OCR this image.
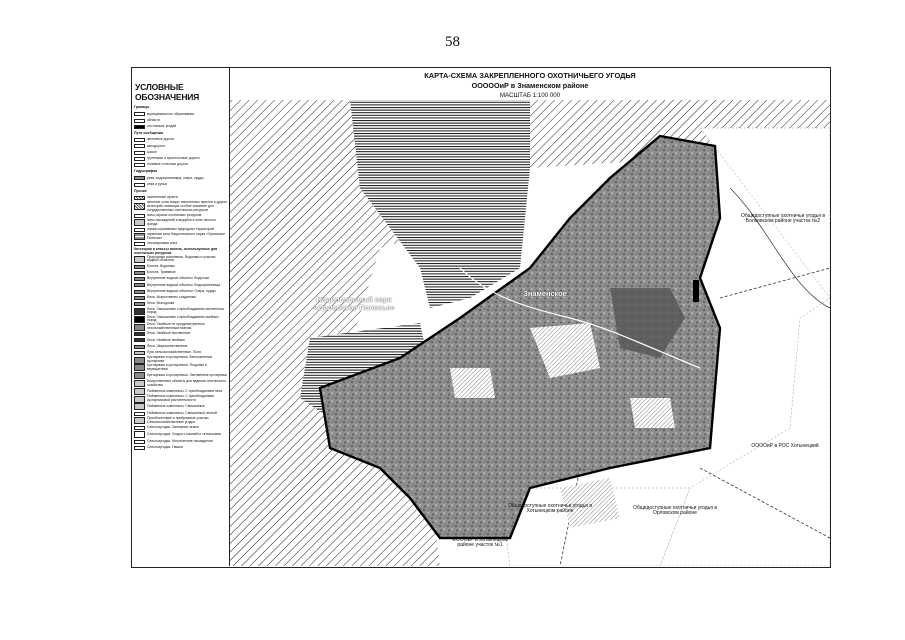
58
УСЛОВНЫЕ ОБОЗНАЧЕНИЯ
Границы
муниципального образования
области
охотничьих угодий
Пути сообщения
железные дороги
автодороги
шоссе
грунтовые и проселочные дороги
полевые и лесные дороги
Гидрография
реки, водохранилища, озера, пруды
реки и ручьи
Прочие
населенные пункты
зеленые зоны вокруг населенных пунктов и других категорий, имеющих особое значение для государственных охотничьих ресурсов
зоны охраны охотничьих ресурсов
зоны насаждений и вырубки в зоне лесного фонда
линия охраняемых природных территорий
охранная зона Национального парка «Орловское Полесье»
лесопарковая зона
Категории и классы земель, используемые для охотничьих ресурсов
Природные комплексы. Водоемы и участки водных объектов
Болота. Водоемы
Болота. Травяные
Внутренние водные объекты. Водотоки
Внутренние водные объекты. Водохранилища
Внутренние водные объекты. Озера, пруды
Леса. Искусственно созданные
Леса. Молодняки
Леса. Смешанные с преобладанием лиственных пород
Леса. Смешанные с преобладанием хвойных пород
Леса. Хвойные не предусмотренные лесохозяйственным планом
Леса. Хвойные лиственные
Леса. Хвойные хвойные
Леса. Широколиственные
Луга сельскохозяйственные. Поля
Кустарники и кустарнички. Вечнозеленые кустарники
Кустарники и кустарнички. Ягодники и верещатники
Кустарники и кустарнички. Лиственные кустарники
Искусственные объекты для ведения охотничьего хозяйства
Пойменные комплексы. С преобладанием леса
Пойменные комплексы. С преобладанием кустарниковой растительности
Пойменные комплексы. Смешанные
Пойменные комплексы. Смешанный лесной
Приобъектовые и прибрежные участки. Сельскохозяйственные угодья
Сельхозугодья. Залежные земли
Сельхозугодья. Угодья с пашней и сенокосами
Сельхозугодья. Многолетние насаждения
Сельхозугодья. Пашня
КАРТА-СХЕМА ЗАКРЕПЛЕННОГО ОХОТНИЧЬЕГО УГОДЬЯ
ОООООиР в Знаменском районе
МАСШТАБ 1:100 000
Национальный парк «Орловское Полесье»
Знаменское
Общедоступные охотничьи угодья в Болховском районе участок №2
ООООиР в РОС Хотынецкий
Общедоступные охотничьи угодья в Хотынецком районе
Общедоступные охотничьи угодья в Орловском районе
ФОООиР в Хотынецком районе участок №1
